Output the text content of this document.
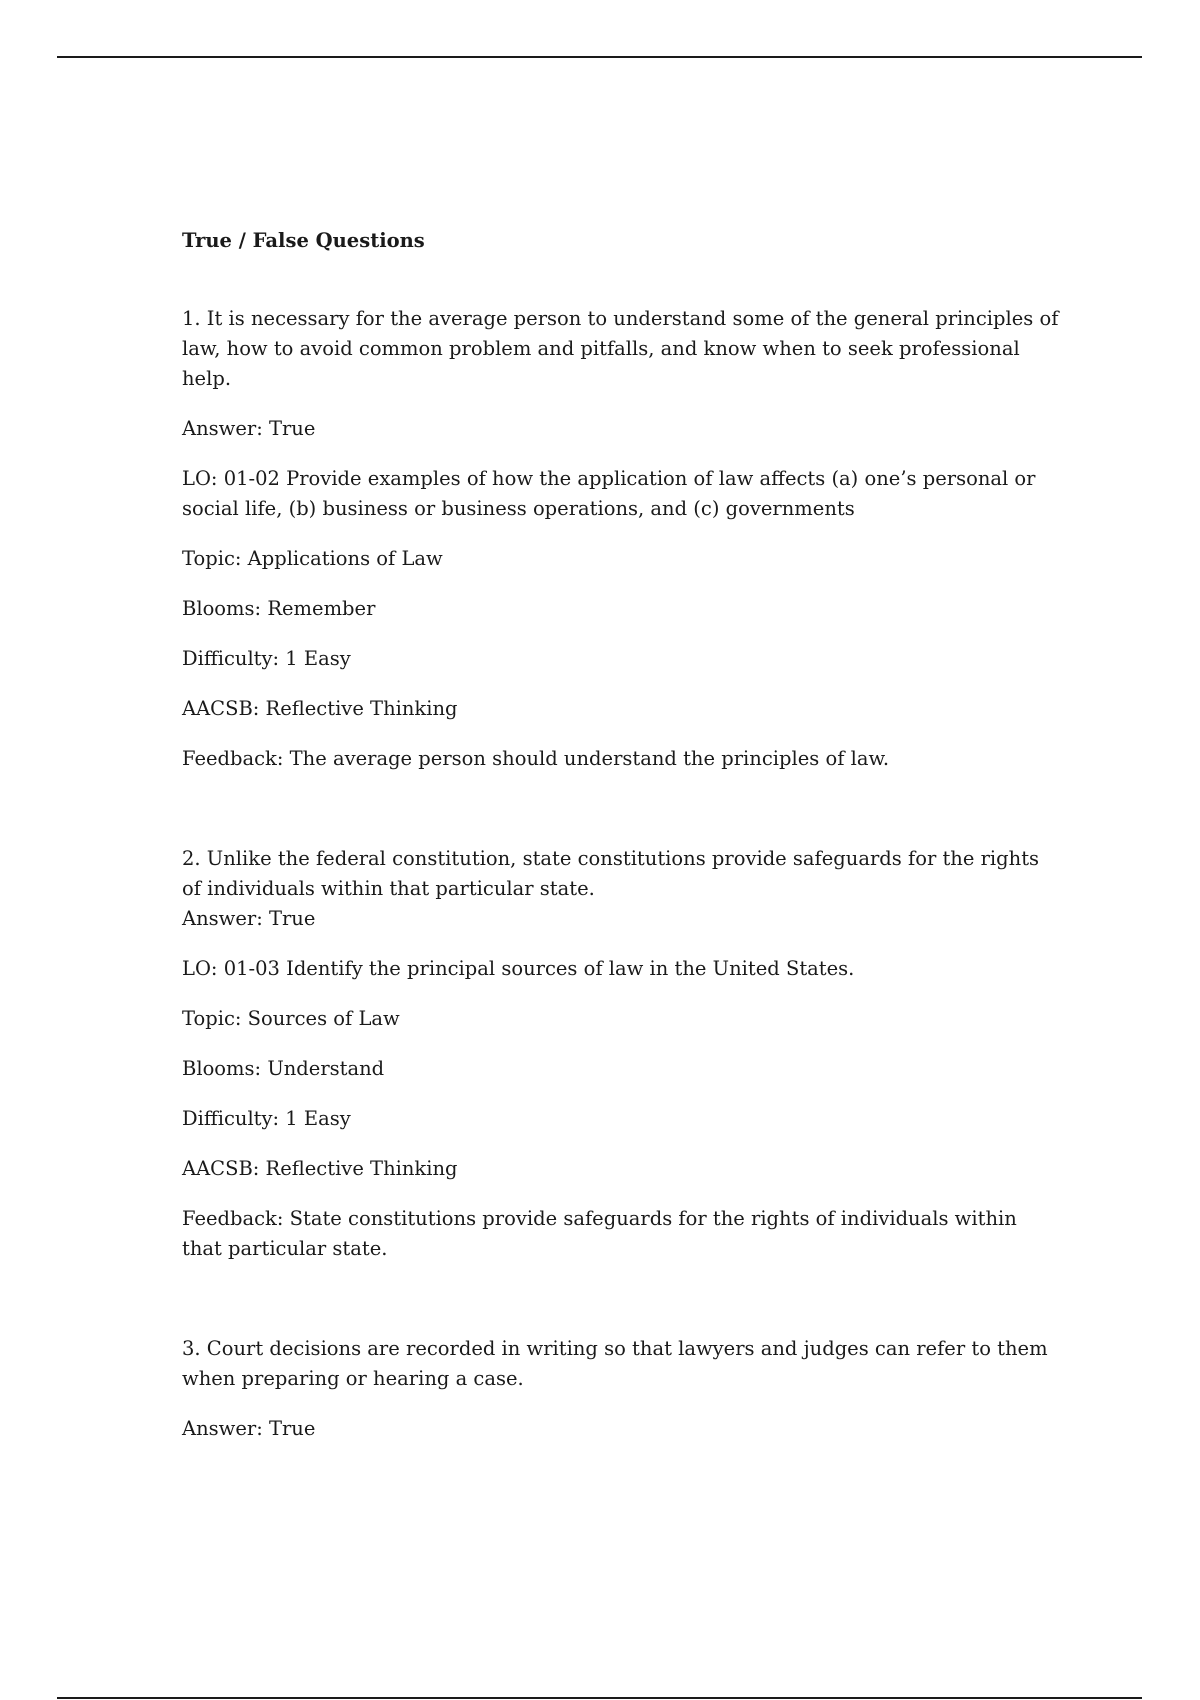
True / False Questions

1. It is necessary for the average person to understand some of the general principles of law, how to avoid common problem and pitfalls, and know when to seek professional help.

Answer: True

LO: 01-02 Provide examples of how the application of law affects (a) one’s personal or social life, (b) business or business operations, and (c) governments

Topic: Applications of Law

Blooms: Remember

Difficulty: 1 Easy

AACSB: Reflective Thinking

Feedback: The average person should understand the principles of law.

2. Unlike the federal constitution, state constitutions provide safeguards for the rights of individuals within that particular state.

Answer: True

LO: 01-03 Identify the principal sources of law in the United States.

Topic: Sources of Law

Blooms: Understand

Difficulty: 1 Easy

AACSB: Reflective Thinking

Feedback: State constitutions provide safeguards for the rights of individuals within that particular state.

3. Court decisions are recorded in writing so that lawyers and judges can refer to them when preparing or hearing a case.

Answer: True
